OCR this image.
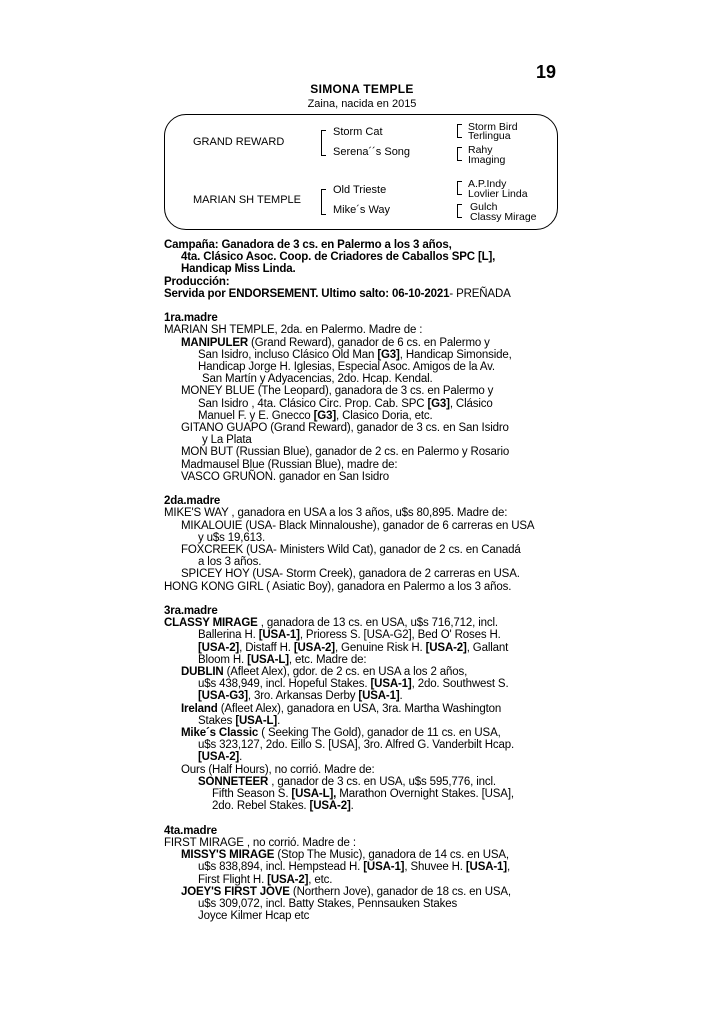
19
SIMONA TEMPLE
Zaina, nacida en 2015
GRAND REWARD
MARIAN SH TEMPLE
Storm Cat
Serena´´s Song
Old Trieste
Mike´s Way
Storm Bird
Terlingua
Rahy
Imaging
A.P.Indy
Lovlier Linda
Gulch
Classy Mirage
Campaña: Ganadora de 3 cs. en Palermo a los 3 años,
4ta. Clásico Asoc. Coop. de Criadores de Caballos SPC [L],
Handicap Miss Linda.
Producción:
Servida por ENDORSEMENT. Ultimo salto: 06-10-2021- PREÑADA
1ra.madre
MARIAN SH TEMPLE, 2da. en Palermo. Madre de :
MANIPULER (Grand Reward), ganador de 6 cs. en Palermo y
San Isidro, incluso Clásico Old Man [G3], Handicap Simonside,
Handicap Jorge H. Iglesias, Especial Asoc. Amigos de la Av.
San Martín y Adyacencias, 2do. Hcap. Kendal.
MONEY BLUE (The Leopard), ganadora de 3 cs. en Palermo y
San Isidro , 4ta. Clásico Circ. Prop. Cab. SPC [G3], Clásico
Manuel F. y E. Gnecco [G3], Clasico Doria, etc.
GITANO GUAPO (Grand Reward), ganador de 3 cs. en San Isidro
y La Plata
MON BUT (Russian Blue), ganador de 2 cs. en Palermo y Rosario
Madmausel Blue (Russian Blue), madre de:
VASCO GRUÑON. ganador en San Isidro
2da.madre
MIKE'S WAY , ganadora en USA a los 3 años, u$s 80,895. Madre de:
MIKALOUIE (USA- Black Minnaloushe), ganador de 6 carreras en USA
y u$s 19,613.
FOXCREEK (USA- Ministers Wild Cat), ganador de 2 cs. en Canadá
a los 3 años.
SPICEY HOY (USA- Storm Creek), ganadora de 2 carreras en USA.
HONG KONG GIRL ( Asiatic Boy), ganadora en Palermo a los 3 años.
3ra.madre
CLASSY MIRAGE , ganadora de 13 cs. en USA, u$s 716,712, incl.
Ballerina H. [USA-1], Prioress S. [USA-G2], Bed O' Roses H.
[USA-2], Distaff H. [USA-2], Genuine Risk H. [USA-2], Gallant
Bloom H. [USA-L], etc. Madre de:
DUBLIN (Afleet Alex), gdor. de 2 cs. en USA a los 2 años,
u$s 438,949, incl. Hopeful Stakes. [USA-1], 2do. Southwest S.
[USA-G3], 3ro. Arkansas Derby [USA-1].
Ireland (Afleet Alex), ganadora en USA, 3ra. Martha Washington
Stakes [USA-L].
Mike´s Classic ( Seeking The Gold), ganador de 11 cs. en USA,
u$s 323,127, 2do. Eillo S. [USA], 3ro. Alfred G. Vanderbilt Hcap.
[USA-2].
Ours (Half Hours), no corrió. Madre de:
SONNETEER , ganador de 3 cs. en USA, u$s 595,776, incl.
Fifth Season S. [USA-L], Marathon Overnight Stakes. [USA],
2do. Rebel Stakes. [USA-2].
4ta.madre
FIRST MIRAGE , no corrió. Madre de :
MISSY'S MIRAGE (Stop The Music), ganadora de 14 cs. en USA,
u$s 838,894, incl. Hempstead H. [USA-1], Shuvee H. [USA-1],
First Flight H. [USA-2], etc.
JOEY'S FIRST JOVE (Northern Jove), ganador de 18 cs. en USA,
u$s 309,072, incl. Batty Stakes, Pennsauken Stakes
Joyce Kilmer Hcap etc
